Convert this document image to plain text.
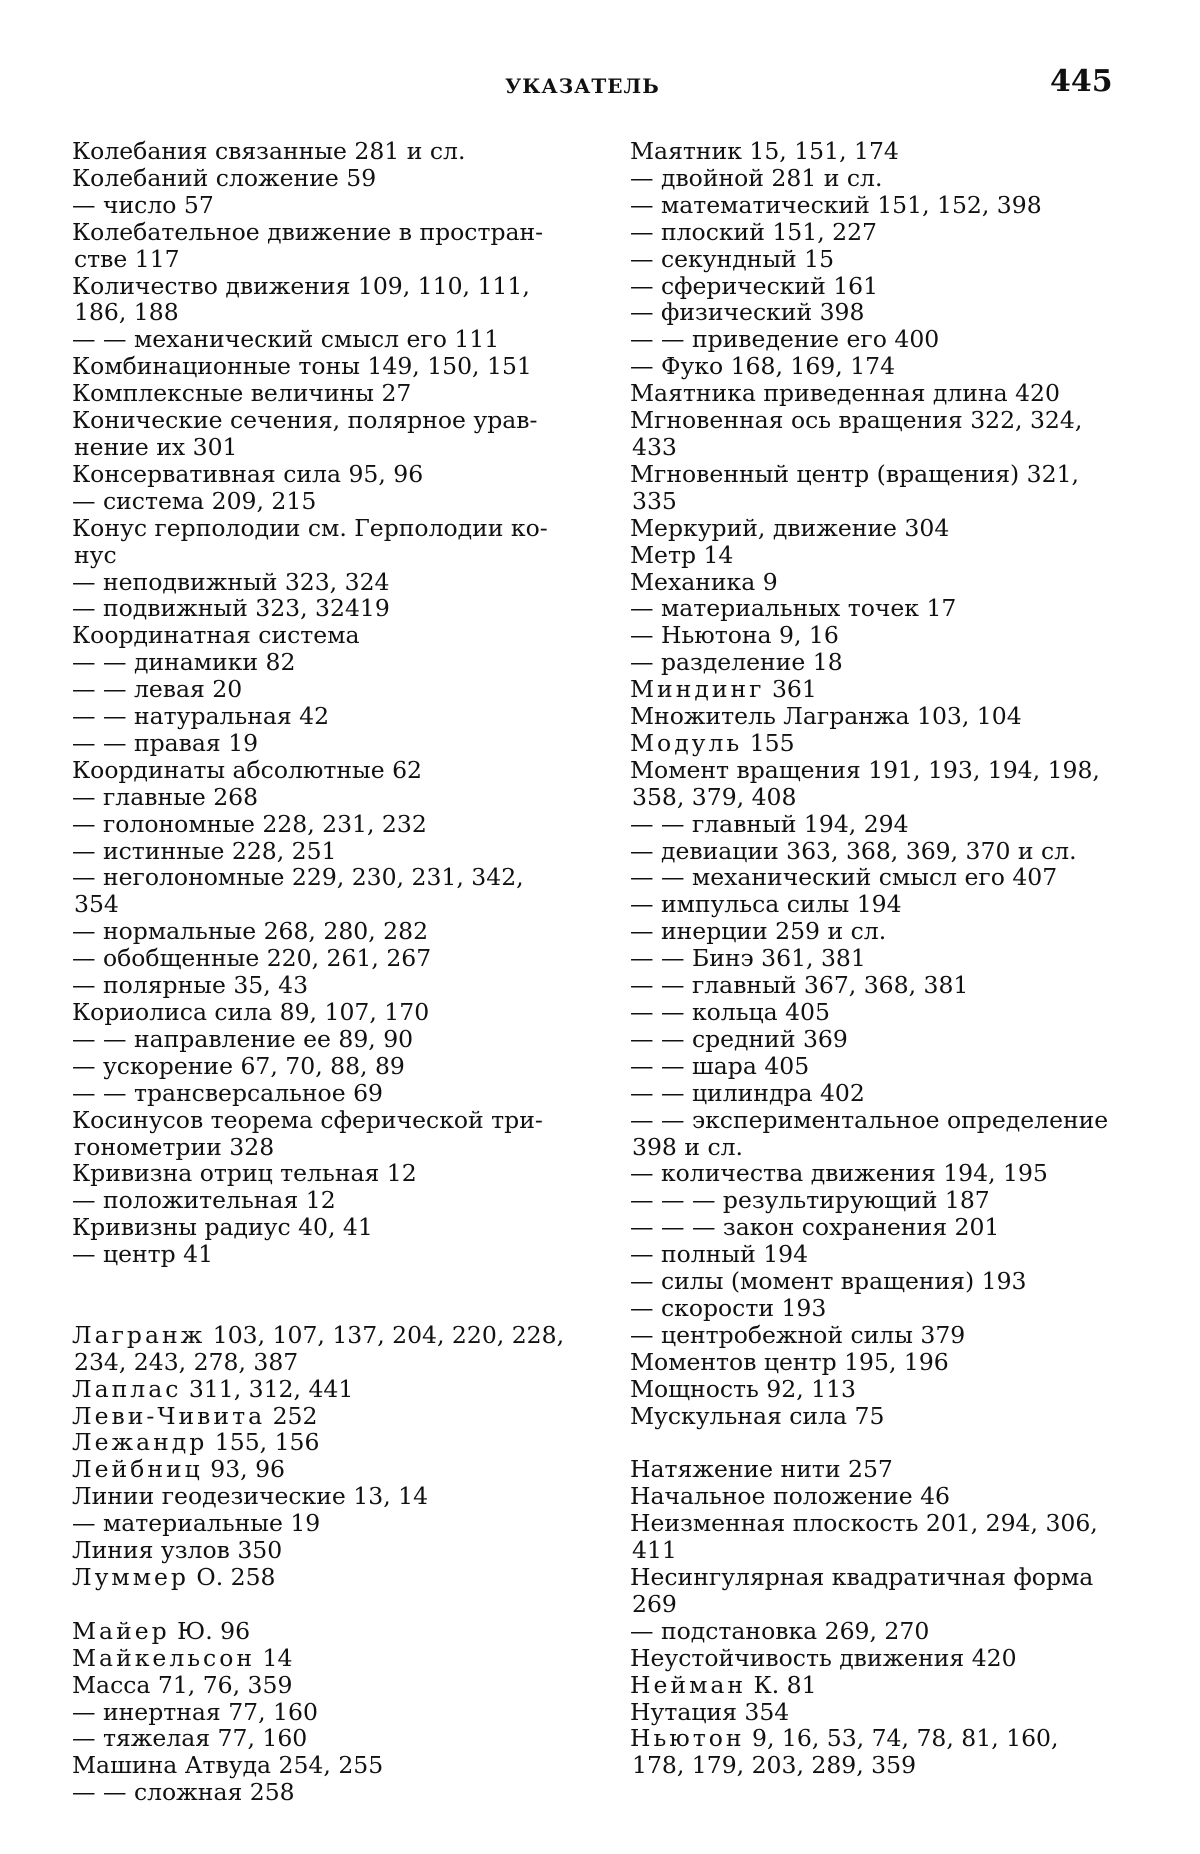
УКАЗАТЕЛЬ	445
Колебания связанные 281 и сл.
Колебаний сложение 59
— число 57
Колебательное движение в простран-
стве 117
Количество движения 109, 110, 111,
186, 188
— — механический смысл его 111
Комбинационные тоны 149, 150, 151
Комплексные величины 27
Конические сечения, полярное урав-
нение их 301
Консервативная сила 95, 96
— система 209, 215
Конус герполодии см. Герполодии ко-
нус
— неподвижный 323, 324
— подвижный 323, 32419
Координатная система
— — динамики 82
— — левая 20
— — натуральная 42
— — правая 19
Координаты абсолютные 62
— главные 268
— голономные 228, 231, 232
— истинные 228, 251
— неголономные 229, 230, 231, 342,
354
— нормальные 268, 280, 282
— обобщенные 220, 261, 267
— полярные 35, 43
Кориолиса сила 89, 107, 170
— — направление ее 89, 90
— ускорение 67, 70, 88, 89
— — трансверсальное 69
Косинусов теорема сферической три-
гонометрии 328
Кривизна отриц тельная 12
— положительная 12
Кривизны радиус 40, 41
— центр 41
Лагранж 103, 107, 137, 204, 220, 228,
234, 243, 278, 387
Лаплас 311, 312, 441
Леви-Чивита 252
Лежандр 155, 156
Лейбниц 93, 96
Линии геодезические 13, 14
— материальные 19
Линия узлов 350
Луммер О. 258
Майер Ю. 96
Майкельсон 14
Масса 71, 76, 359
— инертная 77, 160
— тяжелая 77, 160
Машина Атвуда 254, 255
— — сложная 258
Маятник 15, 151, 174
— двойной 281 и сл.
— математический 151, 152, 398
— плоский 151, 227
— секундный 15
— сферический 161
— физический 398
— — приведение его 400
— Фуко 168, 169, 174
Маятника приведенная длина 420
Мгновенная ось вращения 322, 324,
433
Мгновенный центр (вращения) 321,
335
Меркурий, движение 304
Метр 14
Механика 9
— материальных точек 17
— Ньютона 9, 16
— разделение 18
Миндинг 361
Множитель Лагранжа 103, 104
Модуль 155
Момент вращения 191, 193, 194, 198,
358, 379, 408
— — главный 194, 294
— девиации 363, 368, 369, 370 и сл.
— — механический смысл его 407
— импульса силы 194
— инерции 259 и сл.
— — Бинэ 361, 381
— — главный 367, 368, 381
— — кольца 405
— — средний 369
— — шара 405
— — цилиндра 402
— — экспериментальное определение
398 и сл.
— количества движения 194, 195
— — — результирующий 187
— — — закон сохранения 201
— полный 194
— силы (момент вращения) 193
— скорости 193
— центробежной силы 379
Моментов центр 195, 196
Мощность 92, 113
Мускульная сила 75
Натяжение нити 257
Начальное положение 46
Неизменная плоскость 201, 294, 306,
411
Несингулярная квадратичная форма
269
— подстановка 269, 270
Неустойчивость движения 420
Нейман К. 81
Нутация 354
Ньютон 9, 16, 53, 74, 78, 81, 160,
178, 179, 203, 289, 359
